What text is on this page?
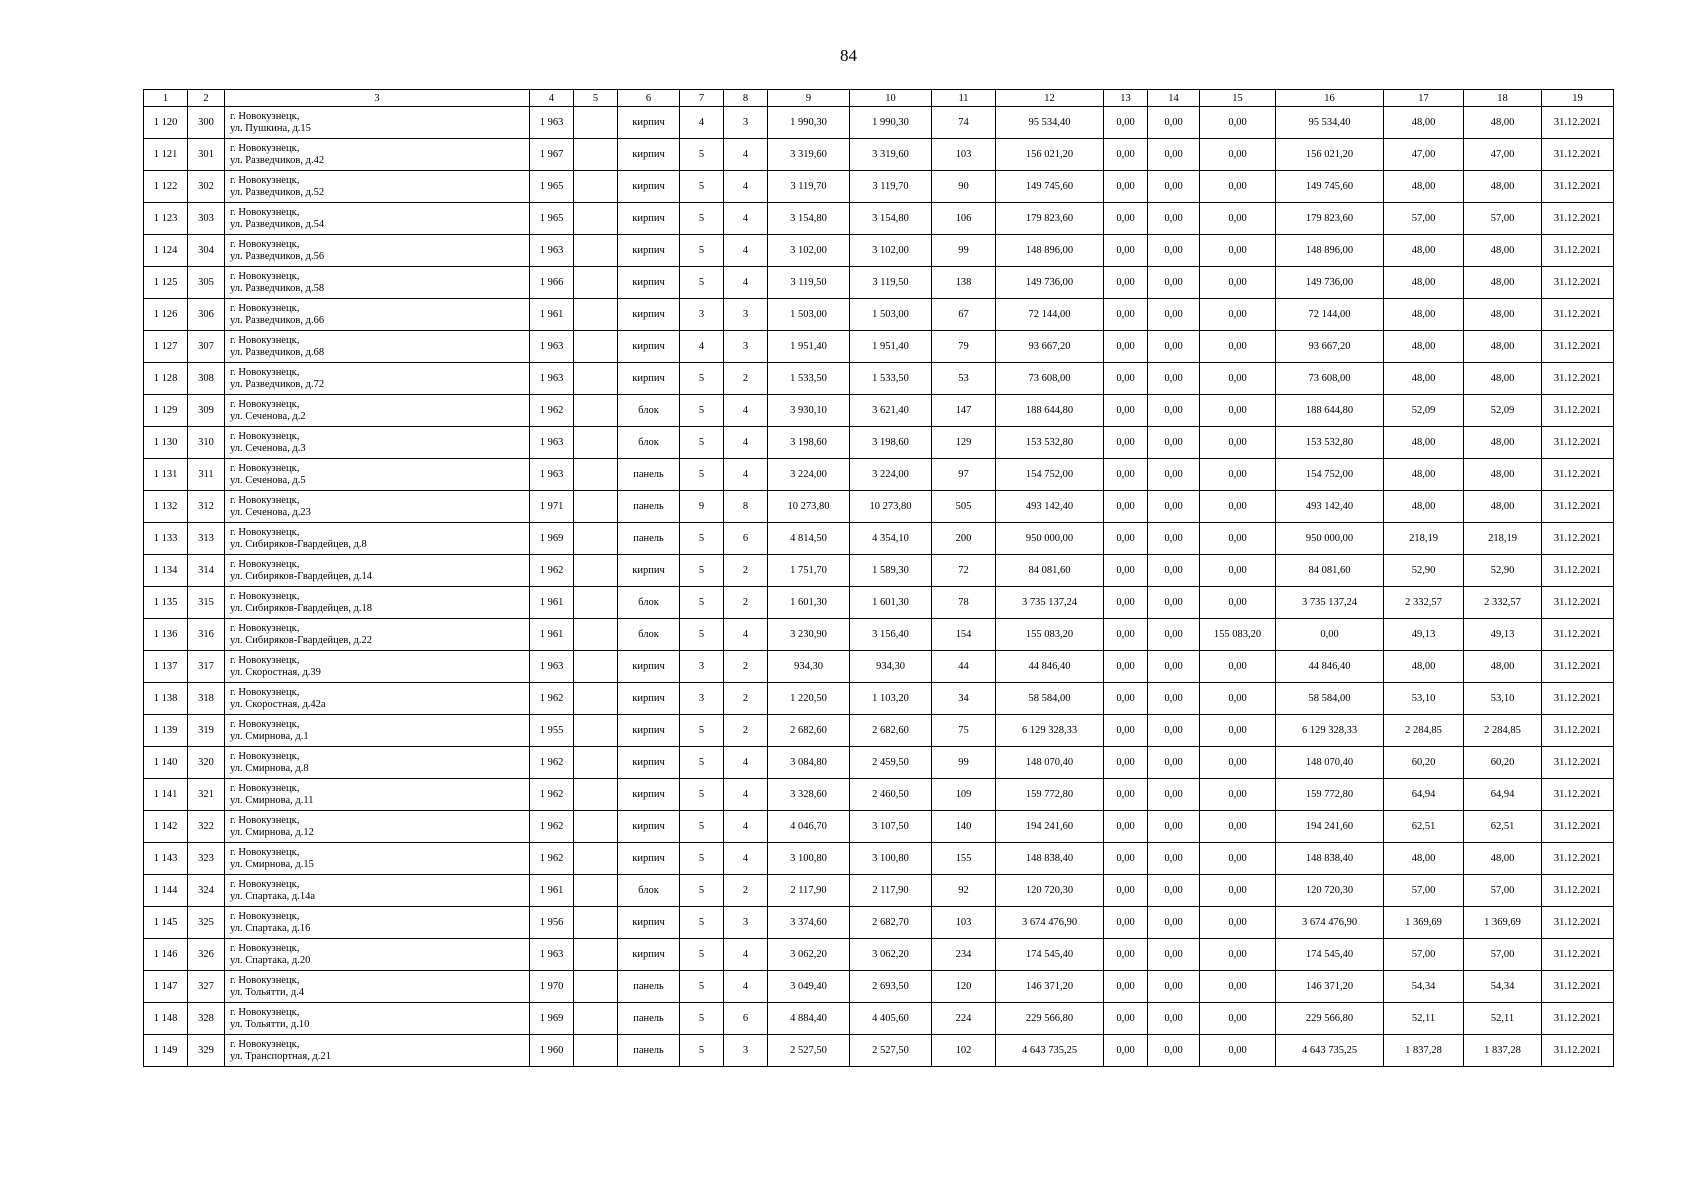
84
1	2	3	4	5	6	7	8	9	10	11	12	13	14	15	16	17	18	19
1 120	300	г. Новокузнецк,
ул. Пушкина, д.15	1 963		кирпич	4	3	1 990,30	1 990,30	74	95 534,40	0,00	0,00	0,00	95 534,40	48,00	48,00	31.12.2021
1 121	301	г. Новокузнецк,
ул. Разведчиков, д.42	1 967		кирпич	5	4	3 319,60	3 319,60	103	156 021,20	0,00	0,00	0,00	156 021,20	47,00	47,00	31.12.2021
1 122	302	г. Новокузнецк,
ул. Разведчиков, д.52	1 965		кирпич	5	4	3 119,70	3 119,70	90	149 745,60	0,00	0,00	0,00	149 745,60	48,00	48,00	31.12.2021
1 123	303	г. Новокузнецк,
ул. Разведчиков, д.54	1 965		кирпич	5	4	3 154,80	3 154,80	106	179 823,60	0,00	0,00	0,00	179 823,60	57,00	57,00	31.12.2021
1 124	304	г. Новокузнецк,
ул. Разведчиков, д.56	1 963		кирпич	5	4	3 102,00	3 102,00	99	148 896,00	0,00	0,00	0,00	148 896,00	48,00	48,00	31.12.2021
1 125	305	г. Новокузнецк,
ул. Разведчиков, д.58	1 966		кирпич	5	4	3 119,50	3 119,50	138	149 736,00	0,00	0,00	0,00	149 736,00	48,00	48,00	31.12.2021
1 126	306	г. Новокузнецк,
ул. Разведчиков, д.66	1 961		кирпич	3	3	1 503,00	1 503,00	67	72 144,00	0,00	0,00	0,00	72 144,00	48,00	48,00	31.12.2021
1 127	307	г. Новокузнецк,
ул. Разведчиков, д.68	1 963		кирпич	4	3	1 951,40	1 951,40	79	93 667,20	0,00	0,00	0,00	93 667,20	48,00	48,00	31.12.2021
1 128	308	г. Новокузнецк,
ул. Разведчиков, д.72	1 963		кирпич	5	2	1 533,50	1 533,50	53	73 608,00	0,00	0,00	0,00	73 608,00	48,00	48,00	31.12.2021
1 129	309	г. Новокузнецк,
ул. Сеченова, д.2	1 962		блок	5	4	3 930,10	3 621,40	147	188 644,80	0,00	0,00	0,00	188 644,80	52,09	52,09	31.12.2021
1 130	310	г. Новокузнецк,
ул. Сеченова, д.3	1 963		блок	5	4	3 198,60	3 198,60	129	153 532,80	0,00	0,00	0,00	153 532,80	48,00	48,00	31.12.2021
1 131	311	г. Новокузнецк,
ул. Сеченова, д.5	1 963		панель	5	4	3 224,00	3 224,00	97	154 752,00	0,00	0,00	0,00	154 752,00	48,00	48,00	31.12.2021
1 132	312	г. Новокузнецк,
ул. Сеченова, д.23	1 971		панель	9	8	10 273,80	10 273,80	505	493 142,40	0,00	0,00	0,00	493 142,40	48,00	48,00	31.12.2021
1 133	313	г. Новокузнецк,
ул. Сибиряков-Гвардейцев, д.8	1 969		панель	5	6	4 814,50	4 354,10	200	950 000,00	0,00	0,00	0,00	950 000,00	218,19	218,19	31.12.2021
1 134	314	г. Новокузнецк,
ул. Сибиряков-Гвардейцев, д.14	1 962		кирпич	5	2	1 751,70	1 589,30	72	84 081,60	0,00	0,00	0,00	84 081,60	52,90	52,90	31.12.2021
1 135	315	г. Новокузнецк,
ул. Сибиряков-Гвардейцев, д.18	1 961		блок	5	2	1 601,30	1 601,30	78	3 735 137,24	0,00	0,00	0,00	3 735 137,24	2 332,57	2 332,57	31.12.2021
1 136	316	г. Новокузнецк,
ул. Сибиряков-Гвардейцев, д.22	1 961		блок	5	4	3 230,90	3 156,40	154	155 083,20	0,00	0,00	155 083,20	0,00	49,13	49,13	31.12.2021
1 137	317	г. Новокузнецк,
ул. Скоростная, д.39	1 963		кирпич	3	2	934,30	934,30	44	44 846,40	0,00	0,00	0,00	44 846,40	48,00	48,00	31.12.2021
1 138	318	г. Новокузнецк,
ул. Скоростная, д.42а	1 962		кирпич	3	2	1 220,50	1 103,20	34	58 584,00	0,00	0,00	0,00	58 584,00	53,10	53,10	31.12.2021
1 139	319	г. Новокузнецк,
ул. Смирнова, д.1	1 955		кирпич	5	2	2 682,60	2 682,60	75	6 129 328,33	0,00	0,00	0,00	6 129 328,33	2 284,85	2 284,85	31.12.2021
1 140	320	г. Новокузнецк,
ул. Смирнова, д.8	1 962		кирпич	5	4	3 084,80	2 459,50	99	148 070,40	0,00	0,00	0,00	148 070,40	60,20	60,20	31.12.2021
1 141	321	г. Новокузнецк,
ул. Смирнова, д.11	1 962		кирпич	5	4	3 328,60	2 460,50	109	159 772,80	0,00	0,00	0,00	159 772,80	64,94	64,94	31.12.2021
1 142	322	г. Новокузнецк,
ул. Смирнова, д.12	1 962		кирпич	5	4	4 046,70	3 107,50	140	194 241,60	0,00	0,00	0,00	194 241,60	62,51	62,51	31.12.2021
1 143	323	г. Новокузнецк,
ул. Смирнова, д.15	1 962		кирпич	5	4	3 100,80	3 100,80	155	148 838,40	0,00	0,00	0,00	148 838,40	48,00	48,00	31.12.2021
1 144	324	г. Новокузнецк,
ул. Спартака, д.14а	1 961		блок	5	2	2 117,90	2 117,90	92	120 720,30	0,00	0,00	0,00	120 720,30	57,00	57,00	31.12.2021
1 145	325	г. Новокузнецк,
ул. Спартака, д.16	1 956		кирпич	5	3	3 374,60	2 682,70	103	3 674 476,90	0,00	0,00	0,00	3 674 476,90	1 369,69	1 369,69	31.12.2021
1 146	326	г. Новокузнецк,
ул. Спартака, д.20	1 963		кирпич	5	4	3 062,20	3 062,20	234	174 545,40	0,00	0,00	0,00	174 545,40	57,00	57,00	31.12.2021
1 147	327	г. Новокузнецк,
ул. Тольятти, д.4	1 970		панель	5	4	3 049,40	2 693,50	120	146 371,20	0,00	0,00	0,00	146 371,20	54,34	54,34	31.12.2021
1 148	328	г. Новокузнецк,
ул. Тольятти, д.10	1 969		панель	5	6	4 884,40	4 405,60	224	229 566,80	0,00	0,00	0,00	229 566,80	52,11	52,11	31.12.2021
1 149	329	г. Новокузнецк,
ул. Транспортная, д.21	1 960		панель	5	3	2 527,50	2 527,50	102	4 643 735,25	0,00	0,00	0,00	4 643 735,25	1 837,28	1 837,28	31.12.2021
